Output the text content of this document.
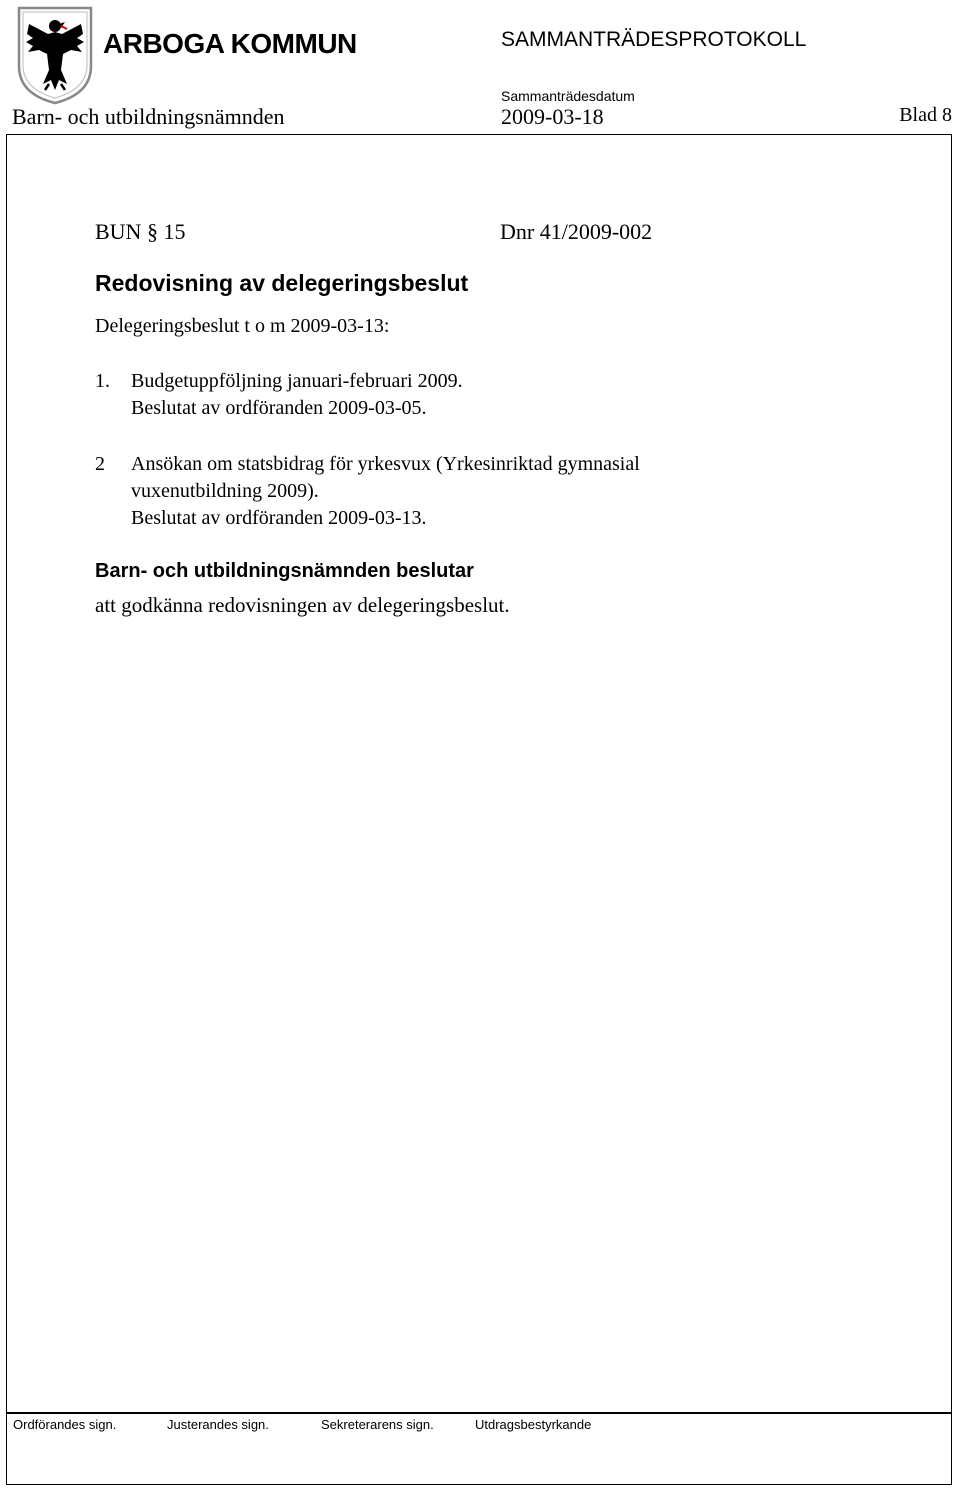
ARBOGA KOMMUN	SAMMANTRÄDESPROTOKOLL
Sammanträdesdatum
Barn- och utbildningsnämnden	2009-03-18	Blad 8
BUN § 15	Dnr 41/2009-002
Redovisning av delegeringsbeslut
Delegeringsbeslut t o m 2009-03-13:
1. Budgetuppföljning januari-februari 2009.
Beslutat av ordföranden 2009-03-05.
2 Ansökan om statsbidrag för yrkesvux (Yrkesinriktad gymnasial
vuxenutbildning 2009).
Beslutat av ordföranden 2009-03-13.
Barn- och utbildningsnämnden beslutar
att godkänna redovisningen av delegeringsbeslut.
Ordförandes sign.	Justerandes sign.	Sekreterarens sign.	Utdragsbestyrkande
